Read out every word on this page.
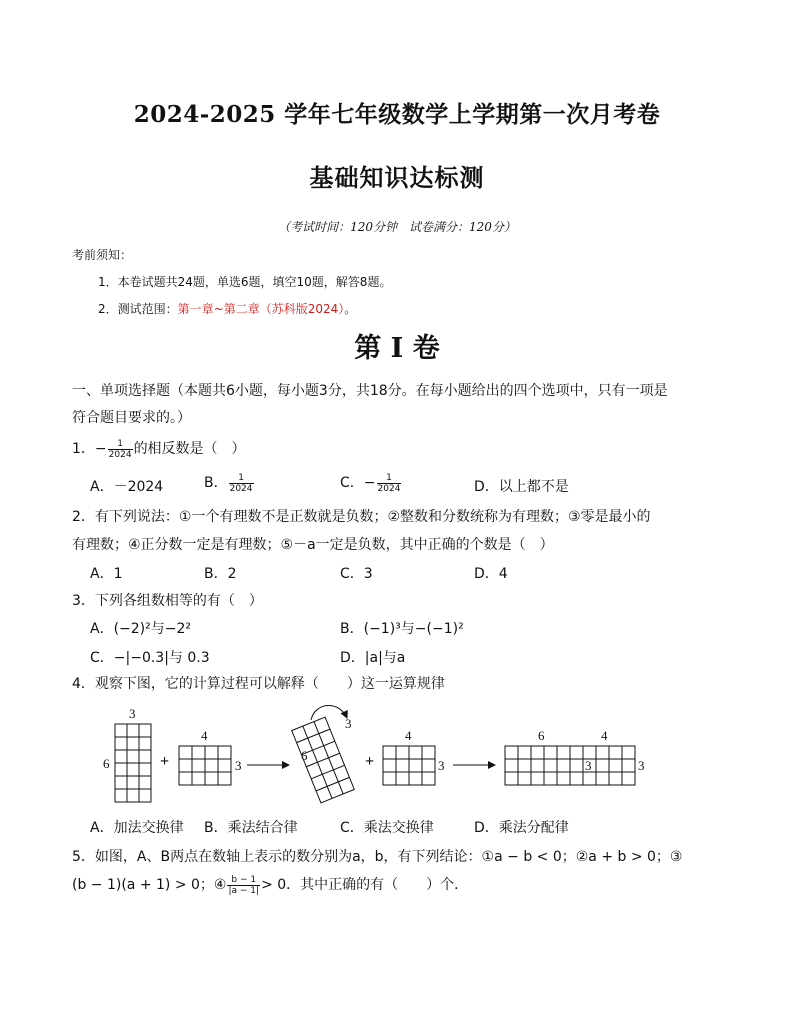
2024-2025 学年七年级数学上学期第一次月考卷
基础知识达标测
（考试时间：120分钟　试卷满分：120分）
考前须知：
1．本卷试题共24题，单选6题，填空10题，解答8题。
2．测试范围：第一章~第二章（苏科版2024）。
第 I 卷
一、单项选择题（本题共6小题，每小题3分，共18分。在每小题给出的四个选项中，只有一项是
符合题目要求的。）
1．− $\frac{1}{2024}$ 的相反数是（　）
A．－2024	B． $\frac{1}{2024}$	C．− $\frac{1}{2024}$	D．以上都不是
2．有下列说法：①一个有理数不是正数就是负数；②整数和分数统称为有理数；③零是最小的
有理数；④正分数一定是有理数；⑤－a一定是负数，其中正确的个数是（　）
A．1	B．2	C．3	D．4
3．下列各组数相等的有（　）
A．(−2)²与−2²	B．(−1)³与−(−1)²
C．−|−0.3|与 0.3	D．|a|与a
4．观察下图，它的计算过程可以解释（　　）这一运算规律
3
6	+
4
3
3
6	+
4
3
6	4
3	3
A．加法交换律 B．乘法结合律	C．乘法交换律	D．乘法分配律
5．如图，A、B两点在数轴上表示的数分别为a，b，有下列结论：①a − b < 0；②a + b > 0；③
(b − 1)(a + 1) > 0；④ $\frac{b - 1}{|a - 1|} > 0$．其中正确的有（　　）个．
